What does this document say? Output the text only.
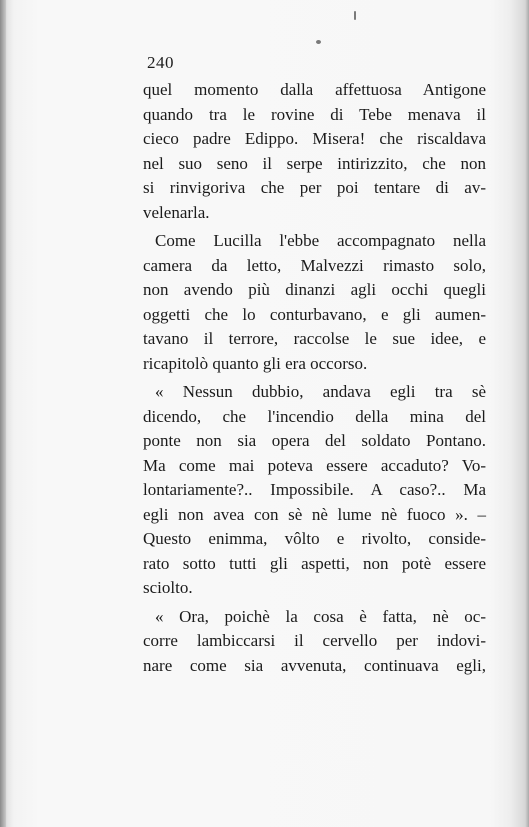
240
quel momento dalla affettuosa Antigone
quando tra le rovine di Tebe menava il
cieco padre Edippo. Misera! che riscaldava
nel suo seno il serpe intirizzito, che non
si rinvigoriva che per poi tentare di av-
velenarla.
Come Lucilla l'ebbe accompagnato nella
camera da letto, Malvezzi rimasto solo,
non avendo più dinanzi agli occhi quegli
oggetti che lo conturbavano, e gli aumen-
tavano il terrore, raccolse le sue idee, e
ricapitolò quanto gli era occorso.
« Nessun dubbio, andava egli tra sè
dicendo, che l'incendio della mina del
ponte non sia opera del soldato Pontano.
Ma come mai poteva essere accaduto? Vo-
lontariamente?.. Impossibile. A caso?.. Ma
egli non avea con sè nè lume nè fuoco ». –
Questo enimma, vôlto e rivolto, conside-
rato sotto tutti gli aspetti, non potè essere
sciolto.
« Ora, poichè la cosa è fatta, nè oc-
corre lambiccarsi il cervello per indovi-
nare come sia avvenuta, continuava egli,
